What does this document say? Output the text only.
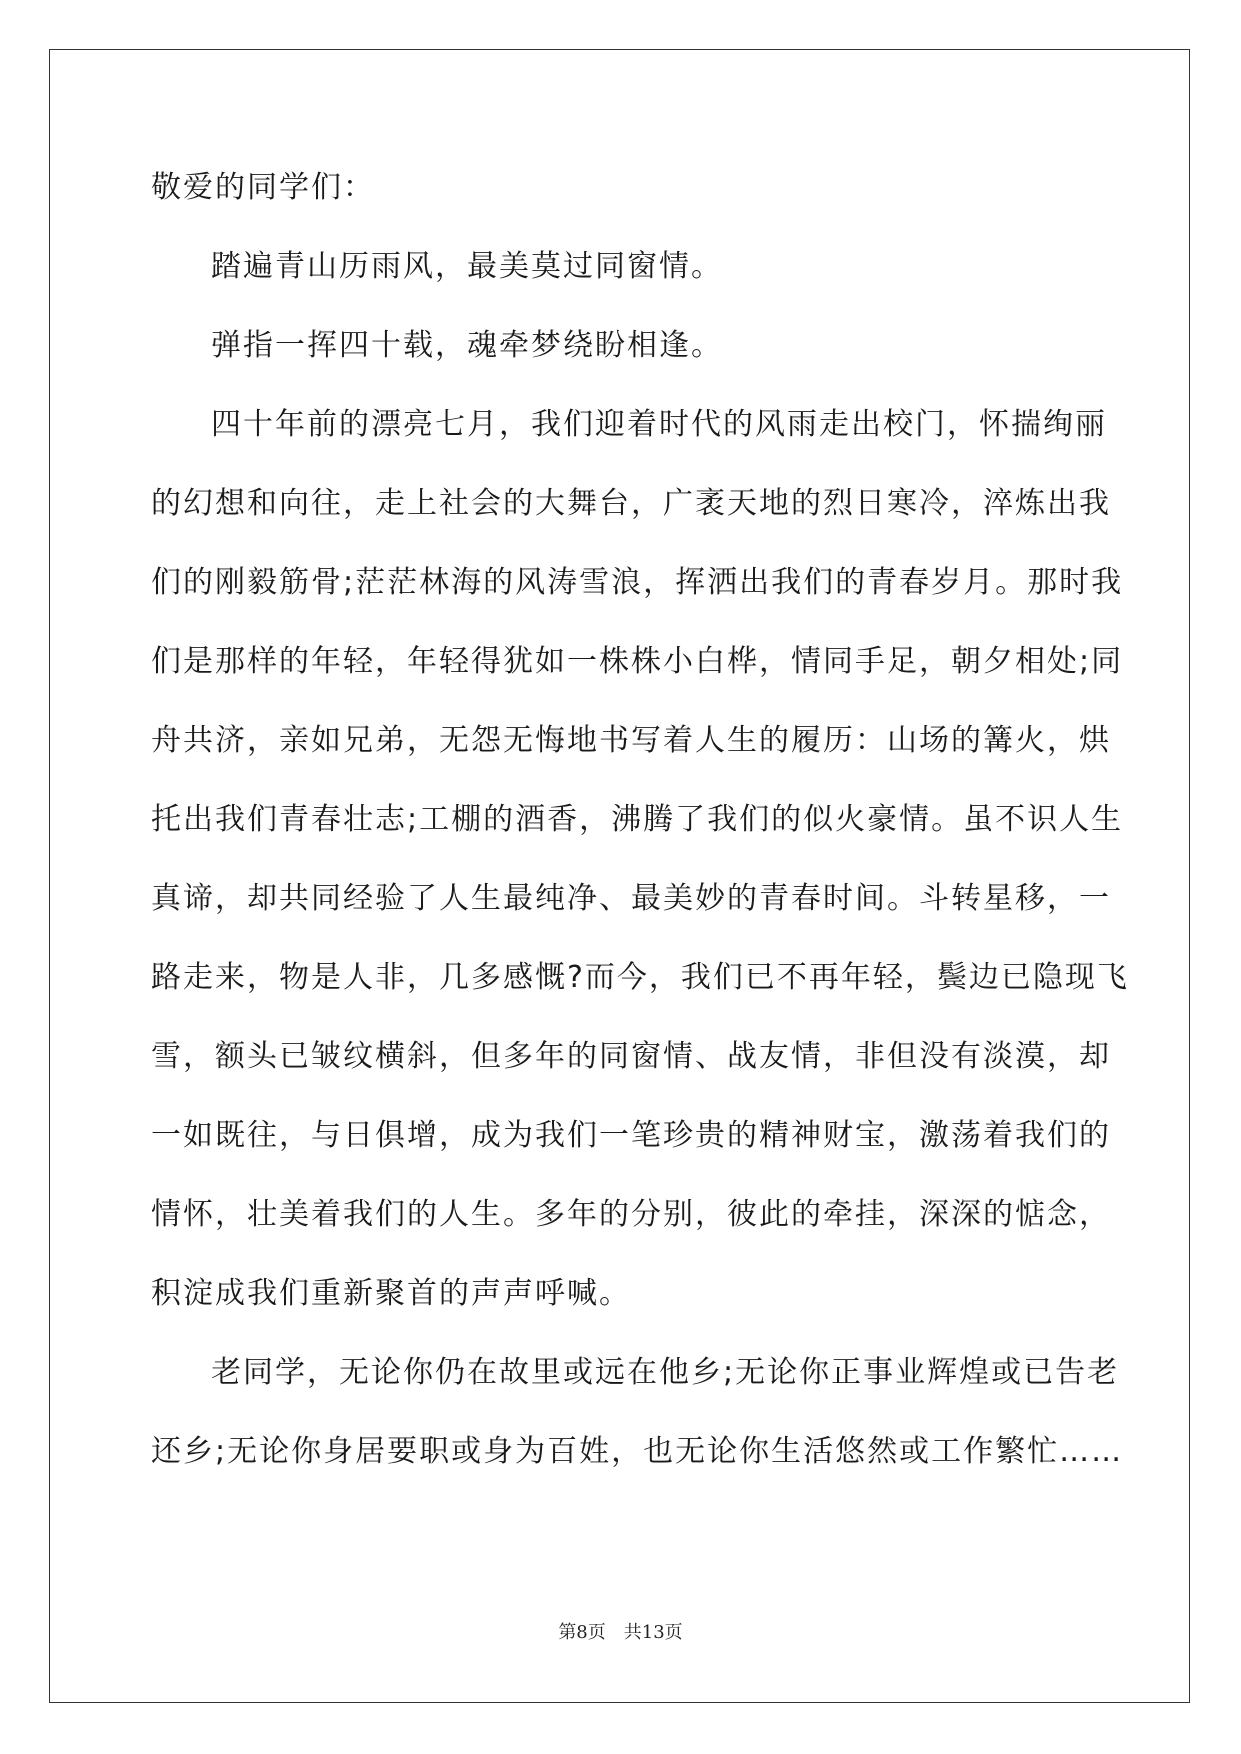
敬爱的同学们：
踏遍青山历雨风，最美莫过同窗情。
弹指一挥四十载，魂牵梦绕盼相逢。
四十年前的漂亮七月，我们迎着时代的风雨走出校门，怀揣绚丽
的幻想和向往，走上社会的大舞台，广袤天地的烈日寒冷，淬炼出我
们的刚毅筋骨;茫茫林海的风涛雪浪，挥洒出我们的青春岁月。那时我
们是那样的年轻，年轻得犹如一株株小白桦，情同手足，朝夕相处;同
舟共济，亲如兄弟，无怨无悔地书写着人生的履历：山场的篝火，烘
托出我们青春壮志;工棚的酒香，沸腾了我们的似火豪情。虽不识人生
真谛，却共同经验了人生最纯净、最美妙的青春时间。斗转星移，一
路走来，物是人非，几多感慨?而今，我们已不再年轻，鬓边已隐现飞
雪，额头已皱纹横斜，但多年的同窗情、战友情，非但没有淡漠，却
一如既往，与日俱增，成为我们一笔珍贵的精神财宝，激荡着我们的
情怀，壮美着我们的人生。多年的分别，彼此的牵挂，深深的惦念，
积淀成我们重新聚首的声声呼喊。
老同学，无论你仍在故里或远在他乡;无论你正事业辉煌或已告老
还乡;无论你身居要职或身为百姓，也无论你生活悠然或工作繁忙……
第8页　共13页
